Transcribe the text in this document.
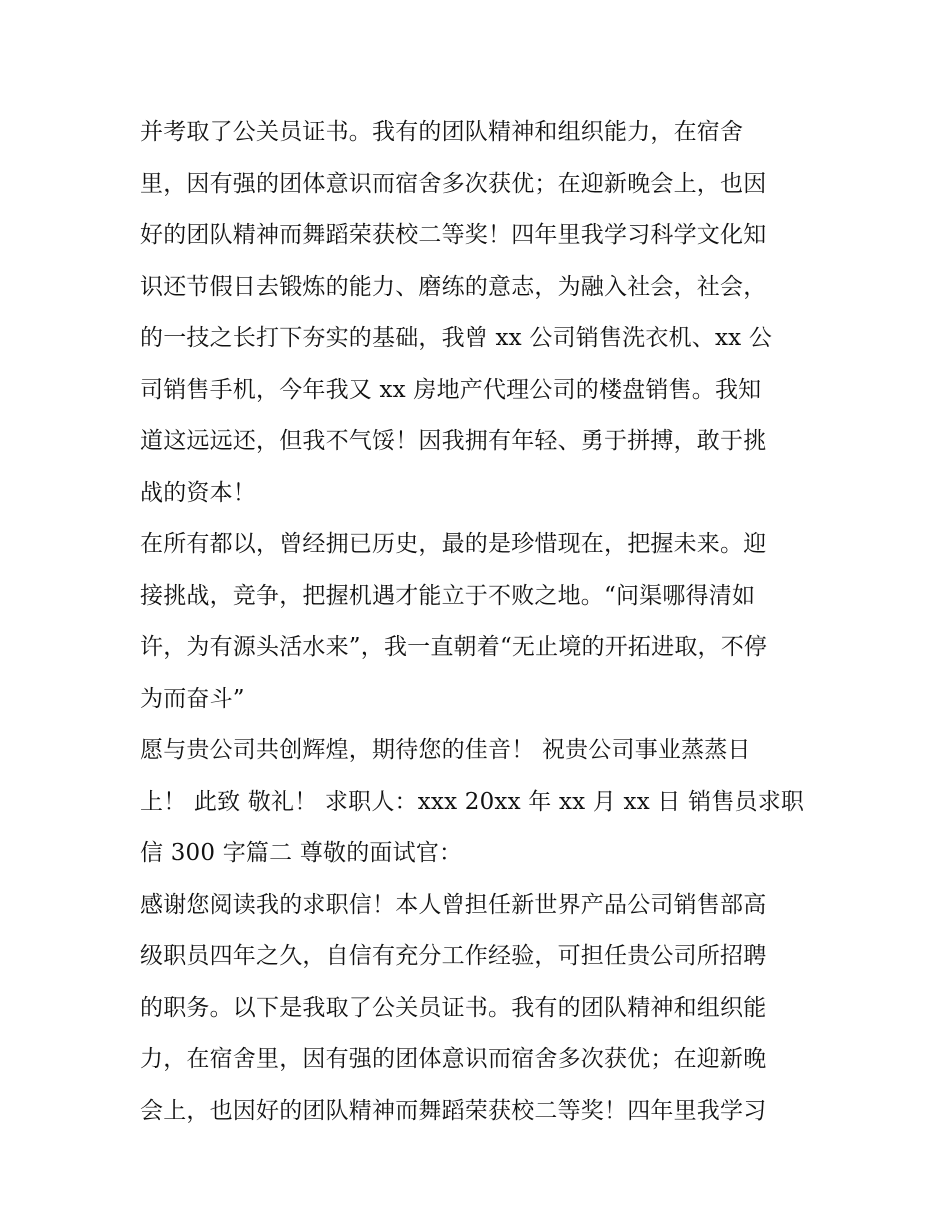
并考取了公关员证书。我有的团队精神和组织能力，在宿舍
里，因有强的团体意识而宿舍多次获优；在迎新晚会上，也因
好的团队精神而舞蹈荣获校二等奖！四年里我学习科学文化知
识还节假日去锻炼的能力、磨练的意志，为融入社会，社会，
的一技之长打下夯实的基础，我曾 xx 公司销售洗衣机、xx 公
司销售手机，今年我又 xx 房地产代理公司的楼盘销售。我知
道这远远还，但我不气馁！因我拥有年轻、勇于拼搏，敢于挑
战的资本！
在所有都以，曾经拥已历史，最的是珍惜现在，把握未来。迎
接挑战，竞争，把握机遇才能立于不败之地。“问渠哪得清如
许，为有源头活水来”，我一直朝着“无止境的开拓进取，不停
为而奋斗”
愿与贵公司共创辉煌，期待您的佳音！ 祝贵公司事业蒸蒸日
上！ 此致 敬礼！ 求职人：xxx 20xx 年 xx 月 xx 日 销售员求职
信 300 字篇二 尊敬的面试官：
感谢您阅读我的求职信！本人曾担任新世界产品公司销售部高
级职员四年之久，自信有充分工作经验，可担任贵公司所招聘
的职务。以下是我取了公关员证书。我有的团队精神和组织能
力，在宿舍里，因有强的团体意识而宿舍多次获优；在迎新晚
会上，也因好的团队精神而舞蹈荣获校二等奖！四年里我学习
